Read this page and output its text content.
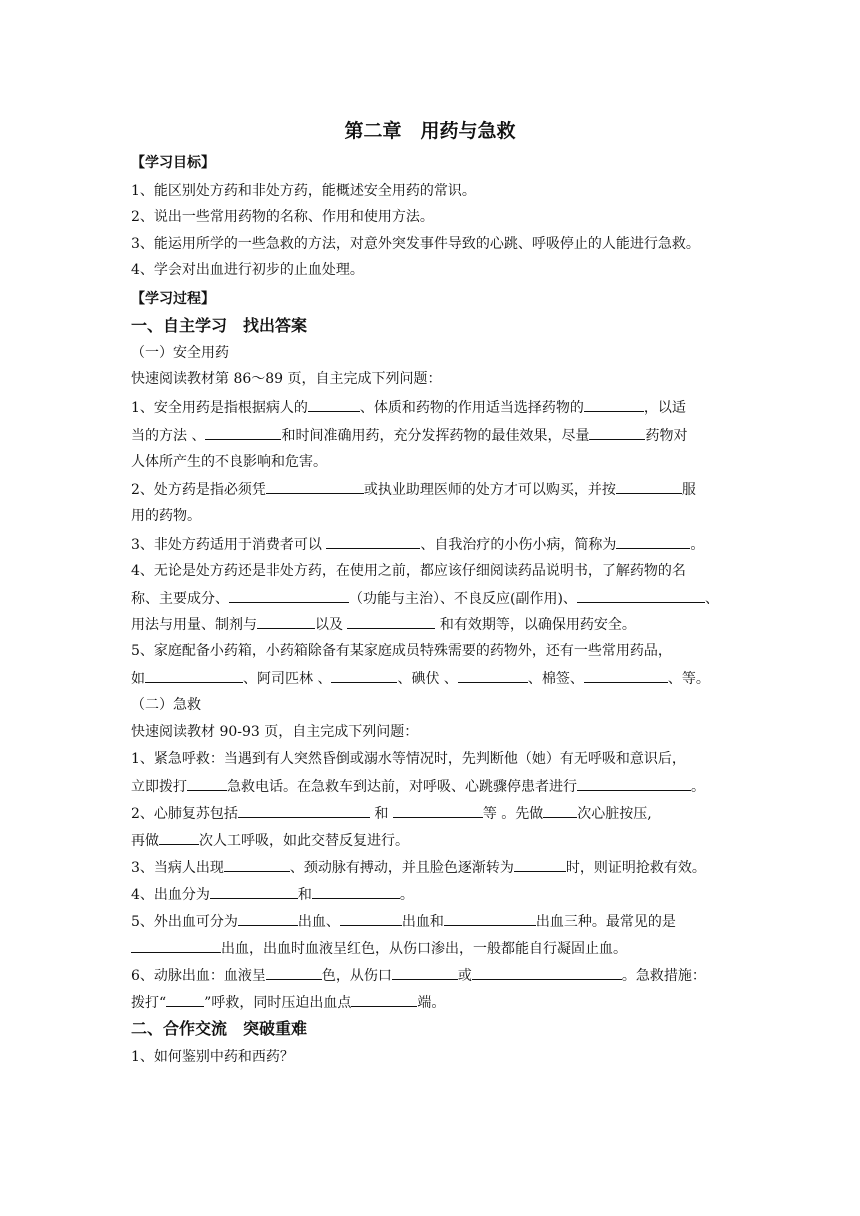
第二章　用药与急救
【学习目标】
1、能区别处方药和非处方药，能概述安全用药的常识。
2、说出一些常用药物的名称、作用和使用方法。
3、能运用所学的一些急救的方法，对意外突发事件导致的心跳、呼吸停止的人能进行急救。
4、学会对出血进行初步的止血处理。
【学习过程】
一、自主学习　找出答案
（一）安全用药
快速阅读教材第 86～89 页，自主完成下列问题：
1、安全用药是指根据病人的	、体质和药物的作用适当选择药物的	，以适
当的方法 、	和时间准确用药，充分发挥药物的最佳效果，尽量	药物对
人体所产生的不良影响和危害。
2、处方药是指必须凭	或执业助理医师的处方才可以购买，并按	服
用的药物。
3、非处方药适用于消费者可以	、自我治疗的小伤小病，简称为	。
4、无论是处方药还是非处方药，在使用之前，都应该仔细阅读药品说明书，了解药物的名
称、主要成分、	（功能与主治）、不良反应(副作用)、	、
用法与用量、制剂与	以及	和有效期等，以确保用药安全。
5、家庭配备小药箱，小药箱除备有某家庭成员特殊需要的药物外，还有一些常用药品，
如	、阿司匹林 、	、碘伏 、	、棉签、	、等。
（二）急救
快速阅读教材 90-93 页，自主完成下列问题：
1、紧急呼救：当遇到有人突然昏倒或溺水等情况时，先判断他（她）有无呼吸和意识后，
立即拨打	急救电话。在急救车到达前，对呼吸、心跳骤停患者进行	。
2、心肺复苏包括	和	等 。先做 次心脏按压,
再做	次人工呼吸，如此交替反复进行。
3、当病人出现	、颈动脉有搏动，并且脸色逐渐转为	时，则证明抢救有效。
4、出血分为	和	。
5、外出血可分为	出血、	出血和	出血三种。最常见的是
出血，出血时血液呈红色，从伤口渗出，一般都能自行凝固止血。
6、动脉出血：血液呈	色，从伤口	或	。急救措施：
拨打“	”呼救，同时压迫出血点	端。
二、合作交流　突破重难
1、如何鉴别中药和西药？
